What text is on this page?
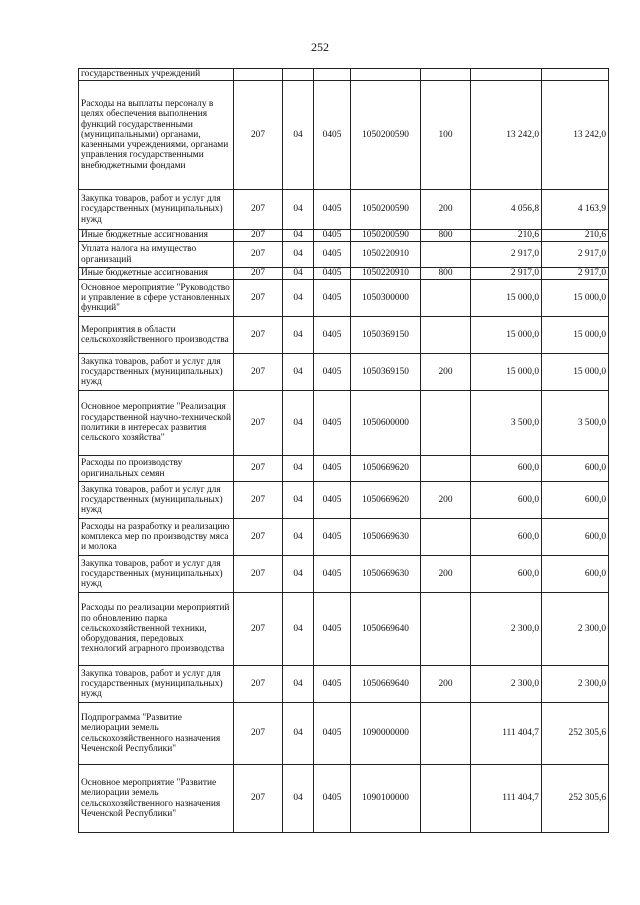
252
государственных учреждений							
Расходы на выплаты персоналу в целях обеспечения выполнения функций государственными (муниципальными) органами, казенными учреждениями, органами управления государственными внебюджетными фондами	207	04	0405	1050200590	100	13 242,0	13 242,0
Закупка товаров, работ и услуг для государственных (муниципальных) нужд	207	04	0405	1050200590	200	4 056,8	4 163,9
Иные бюджетные ассигнования	207	04	0405	1050200590	800	210,6	210,6
Уплата налога на имущество организаций	207	04	0405	1050220910		2 917,0	2 917,0
Иные бюджетные ассигнования	207	04	0405	1050220910	800	2 917,0	2 917,0
Основное мероприятие "Руководство и управление в сфере установленных функций"	207	04	0405	1050300000		15 000,0	15 000,0
Мероприятия в области сельскохозяйственного производства	207	04	0405	1050369150		15 000,0	15 000,0
Закупка товаров, работ и услуг для государственных (муниципальных) нужд	207	04	0405	1050369150	200	15 000,0	15 000,0
Основное мероприятие "Реализация государственной научно-технической политики в интересах развития сельского хозяйства"	207	04	0405	1050600000		3 500,0	3 500,0
Расходы по производству оригинальных семян	207	04	0405	1050669620		600,0	600,0
Закупка товаров, работ и услуг для государственных (муниципальных) нужд	207	04	0405	1050669620	200	600,0	600,0
Расходы на разработку и реализацию комплекса мер по производству мяса и молока	207	04	0405	1050669630		600,0	600,0
Закупка товаров, работ и услуг для государственных (муниципальных) нужд	207	04	0405	1050669630	200	600,0	600,0
Расходы по реализации мероприятий по обновлению парка сельскохозяйственной техники, оборудования, передовых технологий аграрного производства	207	04	0405	1050669640		2 300,0	2 300,0
Закупка товаров, работ и услуг для государственных (муниципальных) нужд	207	04	0405	1050669640	200	2 300,0	2 300,0
Подпрограмма "Развитие мелиорации земель сельскохозяйственного назначения Чеченской Республики"	207	04	0405	1090000000		111 404,7	252 305,6
Основное мероприятие "Развитие мелиорации земель сельскохозяйственного назначения Чеченской Республики"	207	04	0405	1090100000		111 404,7	252 305,6
